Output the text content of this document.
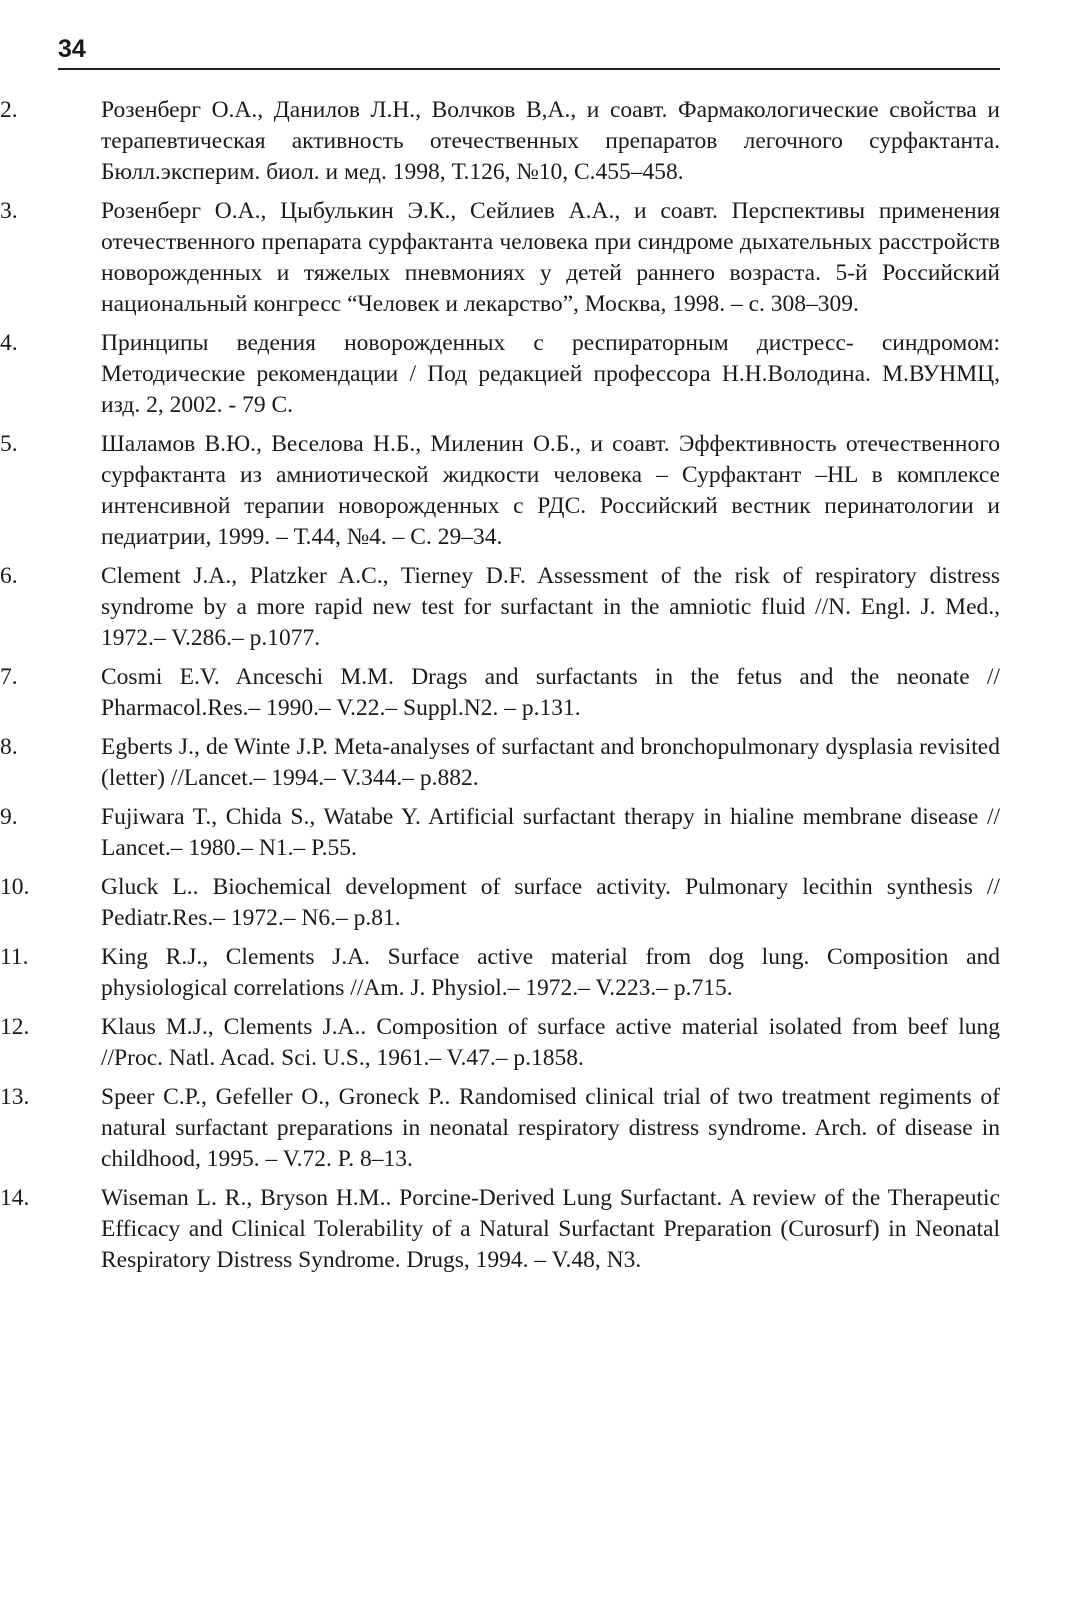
34
2.	Розенберг О.А., Данилов Л.Н., Волчков В,А., и соавт. Фармакологические свойства и терапевтическая активность отечественных препаратов легочного сурфактанта. Бюлл.эксперим. биол. и мед. 1998, Т.126, №10, С.455–458.
3.	Розенберг О.А., Цыбулькин Э.К., Сейлиев А.А., и соавт. Перспективы применения отечественного препарата сурфактанта человека при синдроме дыхательных расстройств новорожденных и тяжелых пневмониях у детей раннего возраста. 5-й Российский национальный конгресс “Человек и лекарство”, Москва, 1998. – с. 308–309.
4.	Принципы ведения новорожденных с респираторным дистресс- синдромом: Методические рекомендации / Под редакцией профессора Н.Н.Володина. М.ВУНМЦ, изд. 2, 2002. - 79 С.
5.	Шаламов В.Ю., Веселова Н.Б., Миленин О.Б., и соавт. Эффективность отечественного сурфактанта из амниотической жидкости человека – Сурфактант –HL в комплексе интенсивной терапии новорожденных с РДС. Российский вестник перинатологии и педиатрии, 1999. – Т.44, №4. – С. 29–34.
6.	Clement J.A., Platzker A.C., Tierney D.F. Assessment of the risk of respiratory distress syndrome by a more rapid new test for surfactant in the amniotic fluid //N. Engl. J. Med., 1972.– V.286.– p.1077.
7.	Cosmi E.V. Anceschi M.M. Drags and surfactants in the fetus and the neonate // Pharmacol.Res.– 1990.– V.22.– Suppl.N2. – p.131.
8.	Egberts J., de Winte J.P. Meta-analyses of surfactant and bronchopulmonary dysplasia revisited (letter) //Lancet.– 1994.– V.344.– p.882.
9.	Fujiwara T., Chida S., Watabe Y. Artificial surfactant therapy in hialine membrane disease // Lancet.– 1980.– N1.– P.55.
10.	Gluck L.. Biochemical development of surface activity. Pulmonary lecithin synthesis // Pediatr.Res.– 1972.– N6.– p.81.
11.	King R.J., Clements J.A. Surface active material from dog lung. Composition and physiological correlations //Am. J. Physiol.– 1972.– V.223.– p.715.
12.	Klaus M.J., Clements J.A.. Composition of surface active material isolated from beef lung //Proc. Natl. Acad. Sci. U.S., 1961.– V.47.– p.1858.
13.	Speer C.P., Gefeller O., Groneck P.. Randomised clinical trial of two treatment regiments of natural surfactant preparations in neonatal respiratory distress syndrome. Arch. of disease in childhood, 1995. – V.72. P. 8–13.
14.	Wiseman L. R., Bryson H.M.. Porcine-Derived Lung Surfactant. A review of the Therapeutic Efficacy and Clinical Tolerability of a Natural Surfactant Preparation (Curosurf) in Neonatal Respiratory Distress Syndrome. Drugs, 1994. – V.48, N3.
